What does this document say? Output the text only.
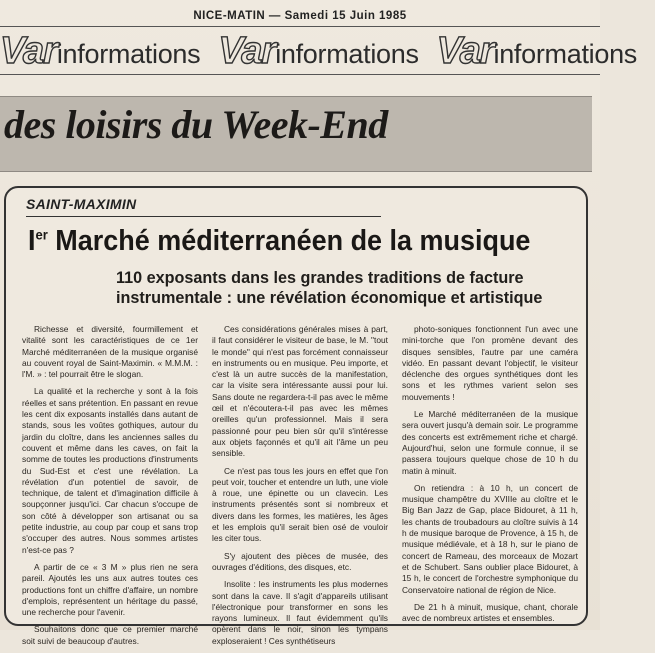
NICE-MATIN — Samedi 15 Juin 1985
Varinformations Varinformations Varinformations
des loisirs du Week-End
SAINT-MAXIMIN
Ier Marché méditerranéen de la musique
110 exposants dans les grandes traditions de facture
instrumentale : une révélation économique et artistique

Richesse et diversité, fourmillement et vitalité sont les caractéristiques de ce 1er Marché méditerranéen de la musique organisé au couvent royal de Saint-Maximin. « M.M.M. : l'M. » : tel pourrait être le slogan.

La qualité et la recherche y sont à la fois réelles et sans prétention. En passant en revue les cent dix exposants installés dans autant de stands, sous les voûtes gothiques, autour du jardin du cloître, dans les anciennes salles du couvent et même dans les caves, on fait la somme de toutes les productions d'instruments du Sud-Est et c'est une révélation. La révélation d'un potentiel de savoir, de technique, de talent et d'imagination difficile à soupçonner jusqu'ici. Car chacun s'occupe de son côté à développer son artisanat ou sa petite industrie, au coup par coup et sans trop s'occuper des autres. Nous sommes artistes n'est-ce pas ?

A partir de ce « 3 M » plus rien ne sera pareil. Ajoutés les uns aux autres toutes ces productions font un chiffre d'affaire, un nombre d'emplois, représentent un héritage du passé, une recherche pour l'avenir.

Souhaitons donc que ce premier marché soit suivi de beaucoup d'autres.

Ces considérations générales mises à part, il faut considérer le visiteur de base, le M. "tout le monde" qui n'est pas forcément connaisseur en instruments ou en musique. Peu importe, et c'est là un autre succès de la manifestation, car la visite sera intéressante aussi pour lui. Sans doute ne regardera-t-il pas avec le même œil et n'écoutera-t-il pas avec les mêmes oreilles qu'un professionnel. Mais il sera passionné pour peu bien sûr qu'il s'intéresse aux objets façonnés et qu'il ait l'âme un peu sensible.

Ce n'est pas tous les jours en effet que l'on peut voir, toucher et entendre un luth, une viole à roue, une épinette ou un clavecin. Les instruments présentés sont si nombreux et divers dans les formes, les matières, les âges et les emplois qu'il serait bien osé de vouloir les citer tous.

S'y ajoutent des pièces de musée, des ouvrages d'éditions, des disques, etc.

Insolite : les instruments les plus modernes sont dans la cave. Il s'agit d'appareils utilisant l'électronique pour transformer en sons les rayons lumineux. Il faut évidemment qu'ils opèrent dans le noir, sinon les tympans exploseraient ! Ces synthétiseurs

photo-soniques fonctionnent l'un avec une mini-torche que l'on promène devant des disques sensibles, l'autre par une caméra vidéo. En passant devant l'objectif, le visiteur déclenche des orgues synthétiques dont les sons et les rythmes varient selon ses mouvements !

Le Marché méditerranéen de la musique sera ouvert jusqu'à demain soir. Le programme des concerts est extrêmement riche et chargé. Aujourd'hui, selon une formule connue, il se passera toujours quelque chose de 10 h du matin à minuit.

On retiendra : à 10 h, un concert de musique champêtre du XVIIIe au cloître et le Big Ban Jazz de Gap, place Bidouret, à 11 h, les chants de troubadours au cloître suivis à 14 h de musique baroque de Provence, à 15 h, de musique médiévale, et à 18 h, sur le piano de concert de Rameau, des morceaux de Mozart et de Schubert. Sans oublier place Bidouret, à 15 h, le concert de l'orchestre symphonique du Conservatoire national de région de Nice.

De 21 h à minuit, musique, chant, chorale avec de nombreux artistes et ensembles.
